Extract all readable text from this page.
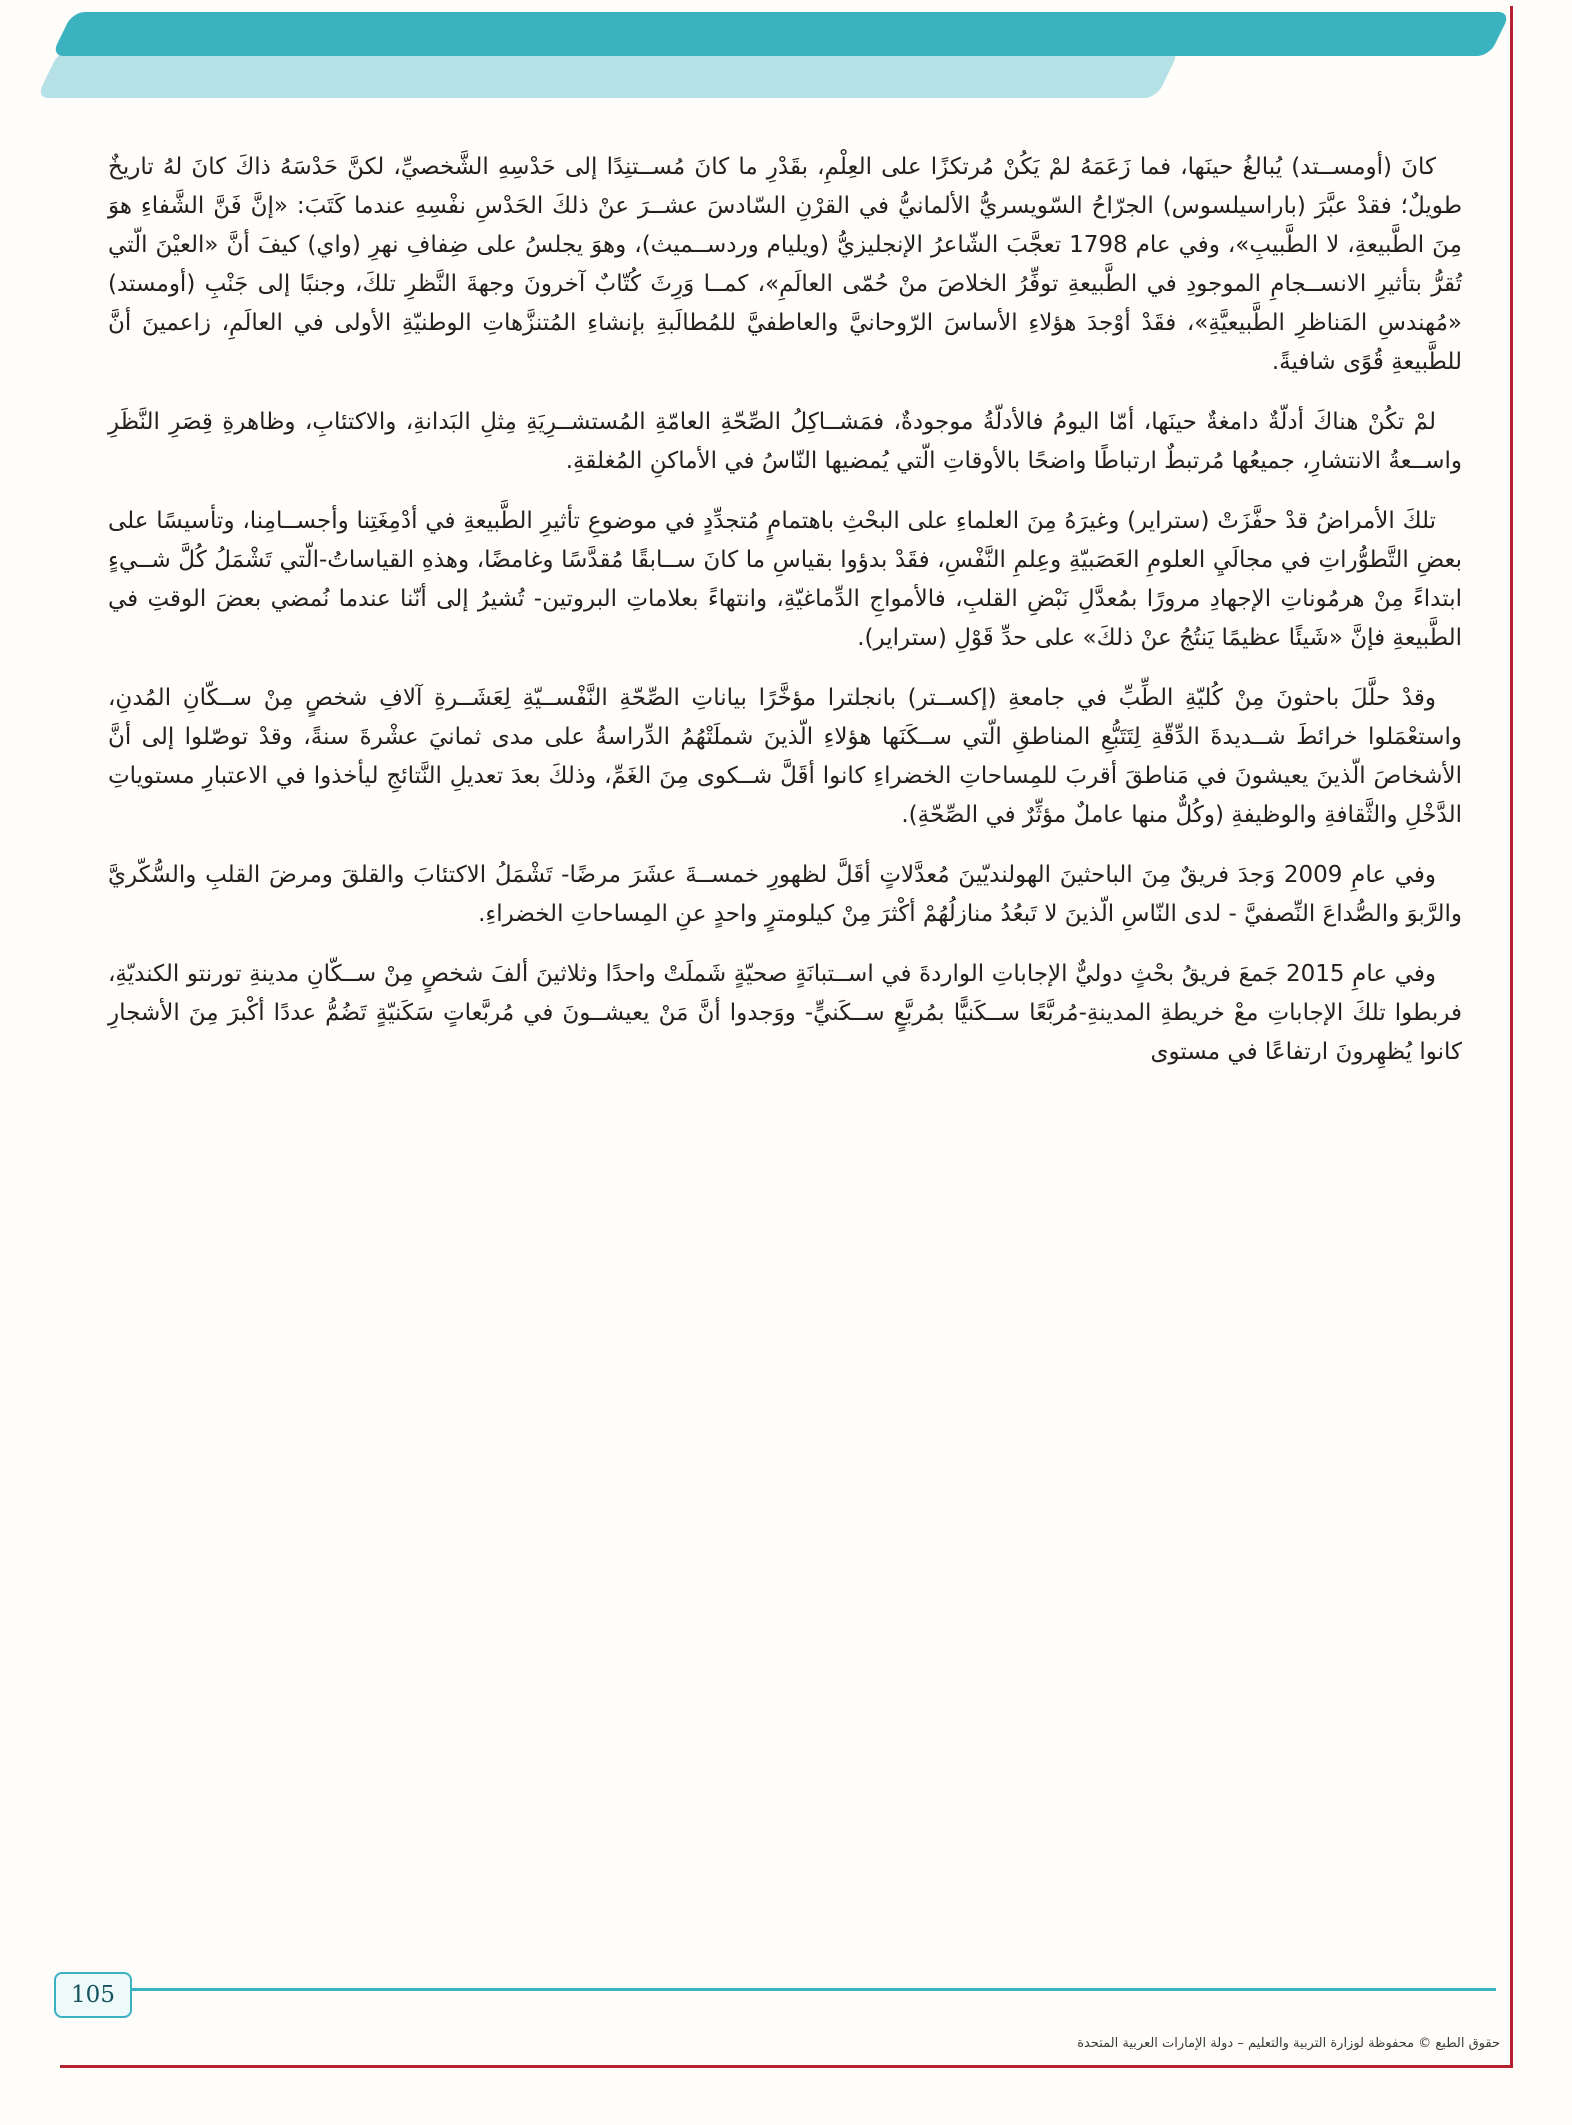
كانَ (أومســتد) يُبالغُ حينَها، فما زَعَمَهُ لمْ يَكُنْ مُرتكزًا على العِلْمِ، بقَدْرِ ما كانَ مُســتنِدًا إلى حَدْسِهِ الشَّخصيِّ، لكنَّ حَدْسَهُ ذاكَ كانَ لهُ تاريخٌ طويلٌ؛ فقدْ عبَّرَ (باراسيلسوس) الجرّاحُ السّويسريُّ الألمانيُّ في القرْنِ السّادسَ عشــرَ عنْ ذلكَ الحَدْسِ نفْسِهِ عندما كَتَبَ: «إنَّ فَنَّ الشَّفاءِ هوَ مِنَ الطَّبيعةِ، لا الطَّبيبِ»، وفي عام 1798 تعجَّبَ الشّاعرُ الإنجليزيُّ (ويليام وردســميث)، وهوَ يجلسُ على ضِفافِ نهرِ (واي) كيفَ أنَّ «العيْنَ الّتي تُقرُّ بتأثيرِ الانســجامِ الموجودِ في الطَّبيعةِ توفِّرُ الخلاصَ منْ حُمّى العالَمِ»، كمــا وَرِثَ كُتّابٌ آخرونَ وجهةَ النَّظرِ تلكَ، وجنبًا إلى جَنْبِ (أومستد) «مُهندسِ المَناظرِ الطَّبيعيَّةِ»، فقَدْ أوْجدَ هؤلاءِ الأساسَ الرّوحانيَّ والعاطفيَّ للمُطالَبةِ بإنشاءِ المُتنزَّهاتِ الوطنيّةِ الأولى في العالَمِ، زاعمينَ أنَّ للطَّبيعةِ قُوًى شافيةً.

لمْ تكُنْ هناكَ أدلّةٌ دامغةٌ حينَها، أمّا اليومُ فالأدلّةُ موجودةٌ، فمَشــاكِلُ الصِّحّةِ العامّةِ المُستشــرِيَةِ مِثلِ البَدانةِ، والاكتئابِ، وظاهرةِ قِصَرِ النَّظَرِ واســعةُ الانتشارِ، جميعُها مُرتبطٌ ارتباطًا واضحًا بالأوقاتِ الّتي يُمضيها النّاسُ في الأماكنِ المُغلقةِ.

تلكَ الأمراضُ قدْ حفَّزَتْ (ستراير) وغيرَهُ مِنَ العلماءِ على البحْثِ باهتمامٍ مُتجدِّدٍ في موضوعِ تأثيرِ الطَّبيعةِ في أدْمِغَتِنا وأجســامِنا، وتأسيسًا على بعضِ التَّطوُّراتِ في مجالَيِ العلومِ العَصَبيّةِ وعِلمِ النَّفْسِ، فقَدْ بدؤوا بقياسِ ما كانَ ســابقًا مُقدَّسًا وغامضًا، وهذهِ القياساتُ-الّتي تَشْمَلُ كُلَّ شــيءٍ ابتداءً مِنْ هرمُوناتِ الإجهادِ مرورًا بمُعدَّلِ نَبْضِ القلبِ، فالأمواجِ الدِّماغيّةِ، وانتهاءً بعلاماتِ البروتين- تُشيرُ إلى أنّنا عندما نُمضي بعضَ الوقتِ في الطَّبيعةِ فإنَّ «شَيئًا عظيمًا يَنتُجُ عنْ ذلكَ» على حدِّ قَوْلِ (ستراير).

وقدْ حلَّلَ باحثونَ مِنْ كُليّةِ الطِّبِّ في جامعةِ (إكســتر) بانجلترا مؤخَّرًا بياناتِ الصِّحّةِ النَّفْســيّةِ لِعَشَــرةِ آلافِ شخصٍ مِنْ ســكّانِ المُدنِ، واستعْمَلوا خرائطَ شــديدةَ الدِّقّةِ لِتَتَبُّعِ المناطقِ الّتي ســكَنَها هؤلاءِ الّذينَ شملَتْهُمُ الدِّراسةُ على مدى ثمانيَ عشْرةَ سنةً، وقدْ توصّلوا إلى أنَّ الأشخاصَ الّذينَ يعيشونَ في مَناطقَ أقربَ للمِساحاتِ الخضراءِ كانوا أقَلَّ شــكوى مِنَ الغَمِّ، وذلكَ بعدَ تعديلِ النَّتائجِ ليأخذوا في الاعتبارِ مستوياتِ الدَّخْلِ والثَّقافةِ والوظيفةِ (وكُلٌّ منها عاملٌ مؤثِّرٌ في الصِّحّةِ).

وفي عامِ 2009 وَجدَ فريقٌ مِنَ الباحثينَ الهولنديّينَ مُعدَّلاتٍ أقَلَّ لظهورِ خمســةَ عشَرَ مرضًا- تَشْمَلُ الاكتئابَ والقلقَ ومرضَ القلبِ والسُّكّريَّ والرَّبوَ والصُّداعَ النِّصفيَّ - لدى النّاسِ الّذينَ لا تَبعُدُ منازلُهُمْ أكْثرَ مِنْ كيلومترٍ واحدٍ عنِ المِساحاتِ الخضراءِ.

وفي عامِ 2015 جَمعَ فريقُ بحْثٍ دوليٌّ الإجاباتِ الواردةَ في اســتبانَةٍ صحيّةٍ شَملَتْ واحدًا وثلاثينَ ألفَ شخصٍ مِنْ ســكّانِ مدينةِ تورنتو الكنديّةِ، فربطوا تلكَ الإجاباتِ معْ خريطةِ المدينةِ-مُربَّعًا ســكَنيًّا بمُربَّعٍ ســكَنيٍّ- ووَجدوا أنَّ مَنْ يعيشــونَ في مُربَّعاتٍ سَكَنيّةٍ تَضُمُّ عددًا أكْبرَ مِنَ الأشجارِ كانوا يُظهِرونَ ارتفاعًا في مستوى

105
حقوق الطبع © محفوظة لوزارة التربية والتعليم – دولة الإمارات العربية المتحدة
